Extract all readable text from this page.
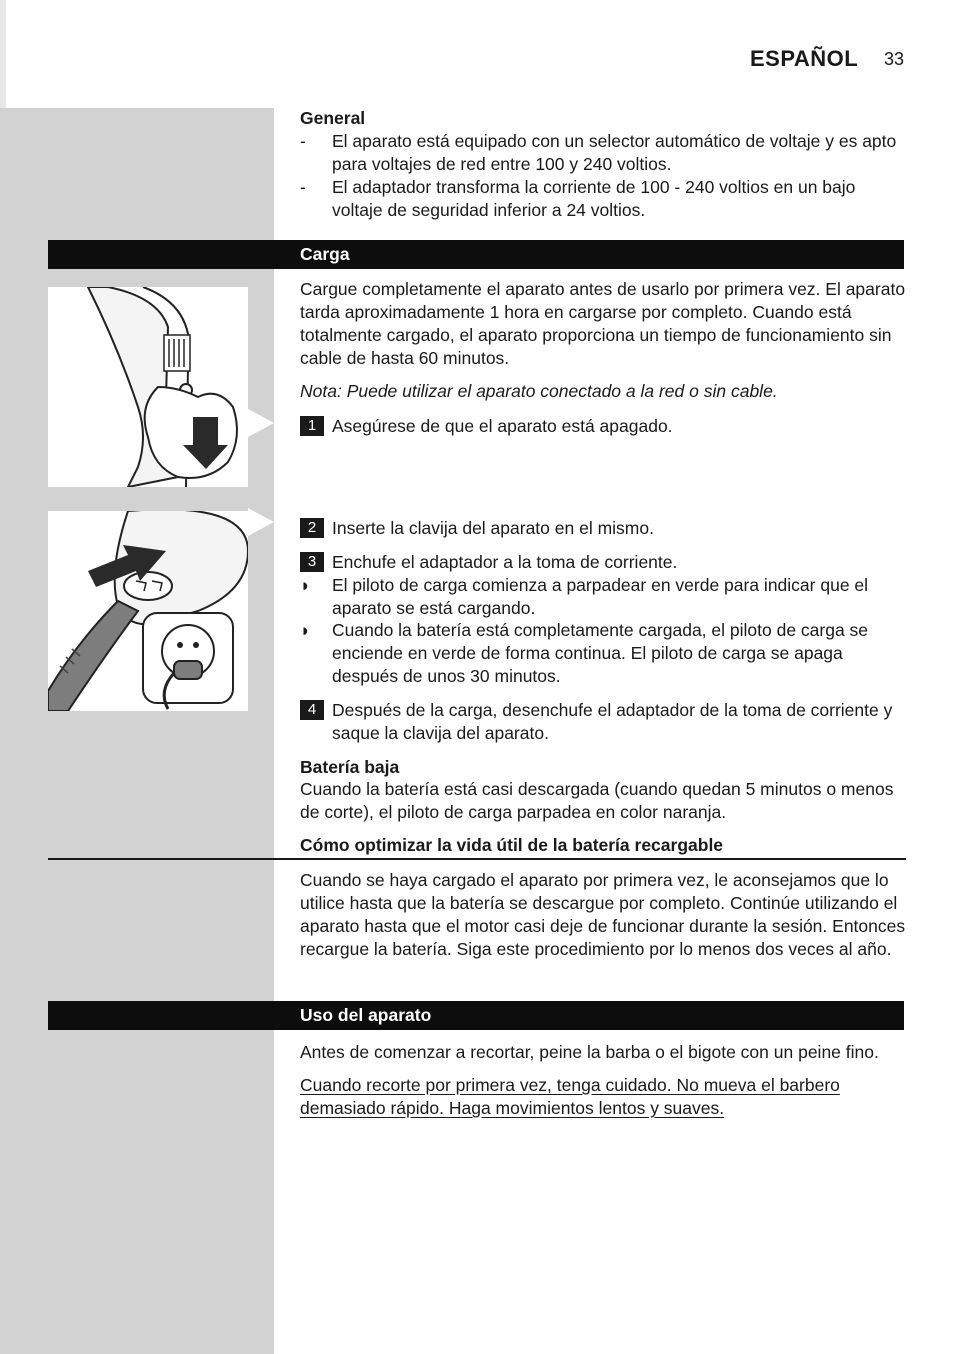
ESPAÑOL 33
General
-	El aparato está equipado con un selector automático de voltaje y es apto para voltajes de red entre 100 y 240 voltios.
-	El adaptador transforma la corriente de 100 - 240 voltios en un bajo voltaje de seguridad inferior a 24 voltios.
Carga
Cargue completamente el aparato antes de usarlo por primera vez. El aparato tarda aproximadamente 1 hora en cargarse por completo. Cuando está totalmente cargado, el aparato proporciona un tiempo de funcionamiento sin cable de hasta 60 minutos.
Nota: Puede utilizar el aparato conectado a la red o sin cable.
1 Asegúrese de que el aparato está apagado.
2 Inserte la clavija del aparato en el mismo.
3 Enchufe el adaptador a la toma de corriente.
◗	El piloto de carga comienza a parpadear en verde para indicar que el aparato se está cargando.
◗	Cuando la batería está completamente cargada, el piloto de carga se enciende en verde de forma continua. El piloto de carga se apaga después de unos 30 minutos.
4 Después de la carga, desenchufe el adaptador de la toma de corriente y saque la clavija del aparato.
Batería baja
Cuando la batería está casi descargada (cuando quedan 5 minutos o menos de corte), el piloto de carga parpadea en color naranja.
Cómo optimizar la vida útil de la batería recargable
Cuando se haya cargado el aparato por primera vez, le aconsejamos que lo utilice hasta que la batería se descargue por completo. Continúe utilizando el aparato hasta que el motor casi deje de funcionar durante la sesión. Entonces recargue la batería. Siga este procedimiento por lo menos dos veces al año.
Uso del aparato
Antes de comenzar a recortar, peine la barba o el bigote con un peine fino.
Cuando recorte por primera vez, tenga cuidado. No mueva el barbero demasiado rápido. Haga movimientos lentos y suaves.
